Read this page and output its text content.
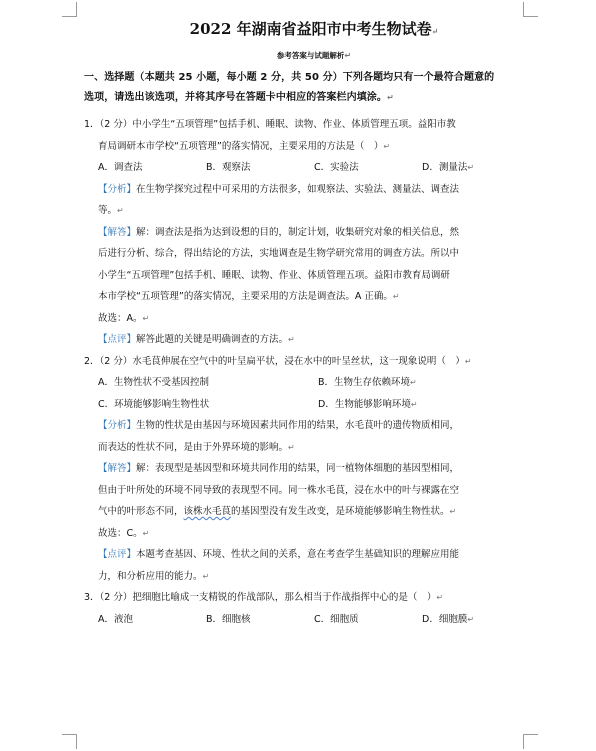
2022 年湖南省益阳市中考生物试卷↵
参考答案与试题解析↵
一、选择题（本题共 25 小题，每小题 2 分，共 50 分）下列各题均只有一个最符合题意的
选项，请选出该选项，并将其序号在答题卡中相应的答案栏内填涂。↵
1．（2 分）中小学生“五项管理”包括手机、睡眠、读物、作业、体质管理五项。益阳市教
育局调研本市学校“五项管理”的落实情况，主要采用的方法是（　）↵
A．调查法	B．观察法	C．实验法	D．测量法↵
【分析】在生物学探究过程中可采用的方法很多，如观察法、实验法、测量法、调查法
等。↵
【解答】解：调查法是指为达到设想的目的，制定计划，收集研究对象的相关信息，然
后进行分析、综合，得出结论的方法，实地调查是生物学研究常用的调查方法。所以中
小学生“五项管理”包括手机、睡眠、读物、作业、体质管理五项。益阳市教育局调研
本市学校“五项管理”的落实情况，主要采用的方法是调查法。A 正确。↵
故选：A。↵
【点评】解答此题的关键是明确调查的方法。↵
2．（2 分）水毛茛伸展在空气中的叶呈扁平状，浸在水中的叶呈丝状，这一现象说明（　）↵
A．生物性状不受基因控制	B．生物生存依赖环境↵
C．环境能够影响生物性状	D．生物能够影响环境↵
【分析】生物的性状是由基因与环境因素共同作用的结果，水毛茛叶的遗传物质相同，
而表达的性状不同，是由于外界环境的影响。↵
【解答】解：表现型是基因型和环境共同作用的结果，同一植物体细胞的基因型相同，
但由于叶所处的环境不同导致的表现型不同。同一株水毛茛，浸在水中的叶与裸露在空
气中的叶形态不同，该株水毛茛的基因型没有发生改变，是环境能够影响生物性状。↵
故选：C。↵
【点评】本题考查基因、环境、性状之间的关系，意在考查学生基础知识的理解应用能
力，和分析应用的能力。↵
3．（2 分）把细胞比喻成一支精锐的作战部队，那么相当于作战指挥中心的是（　）↵
A．液泡	B．细胞核	C．细胞质	D．细胞膜↵
